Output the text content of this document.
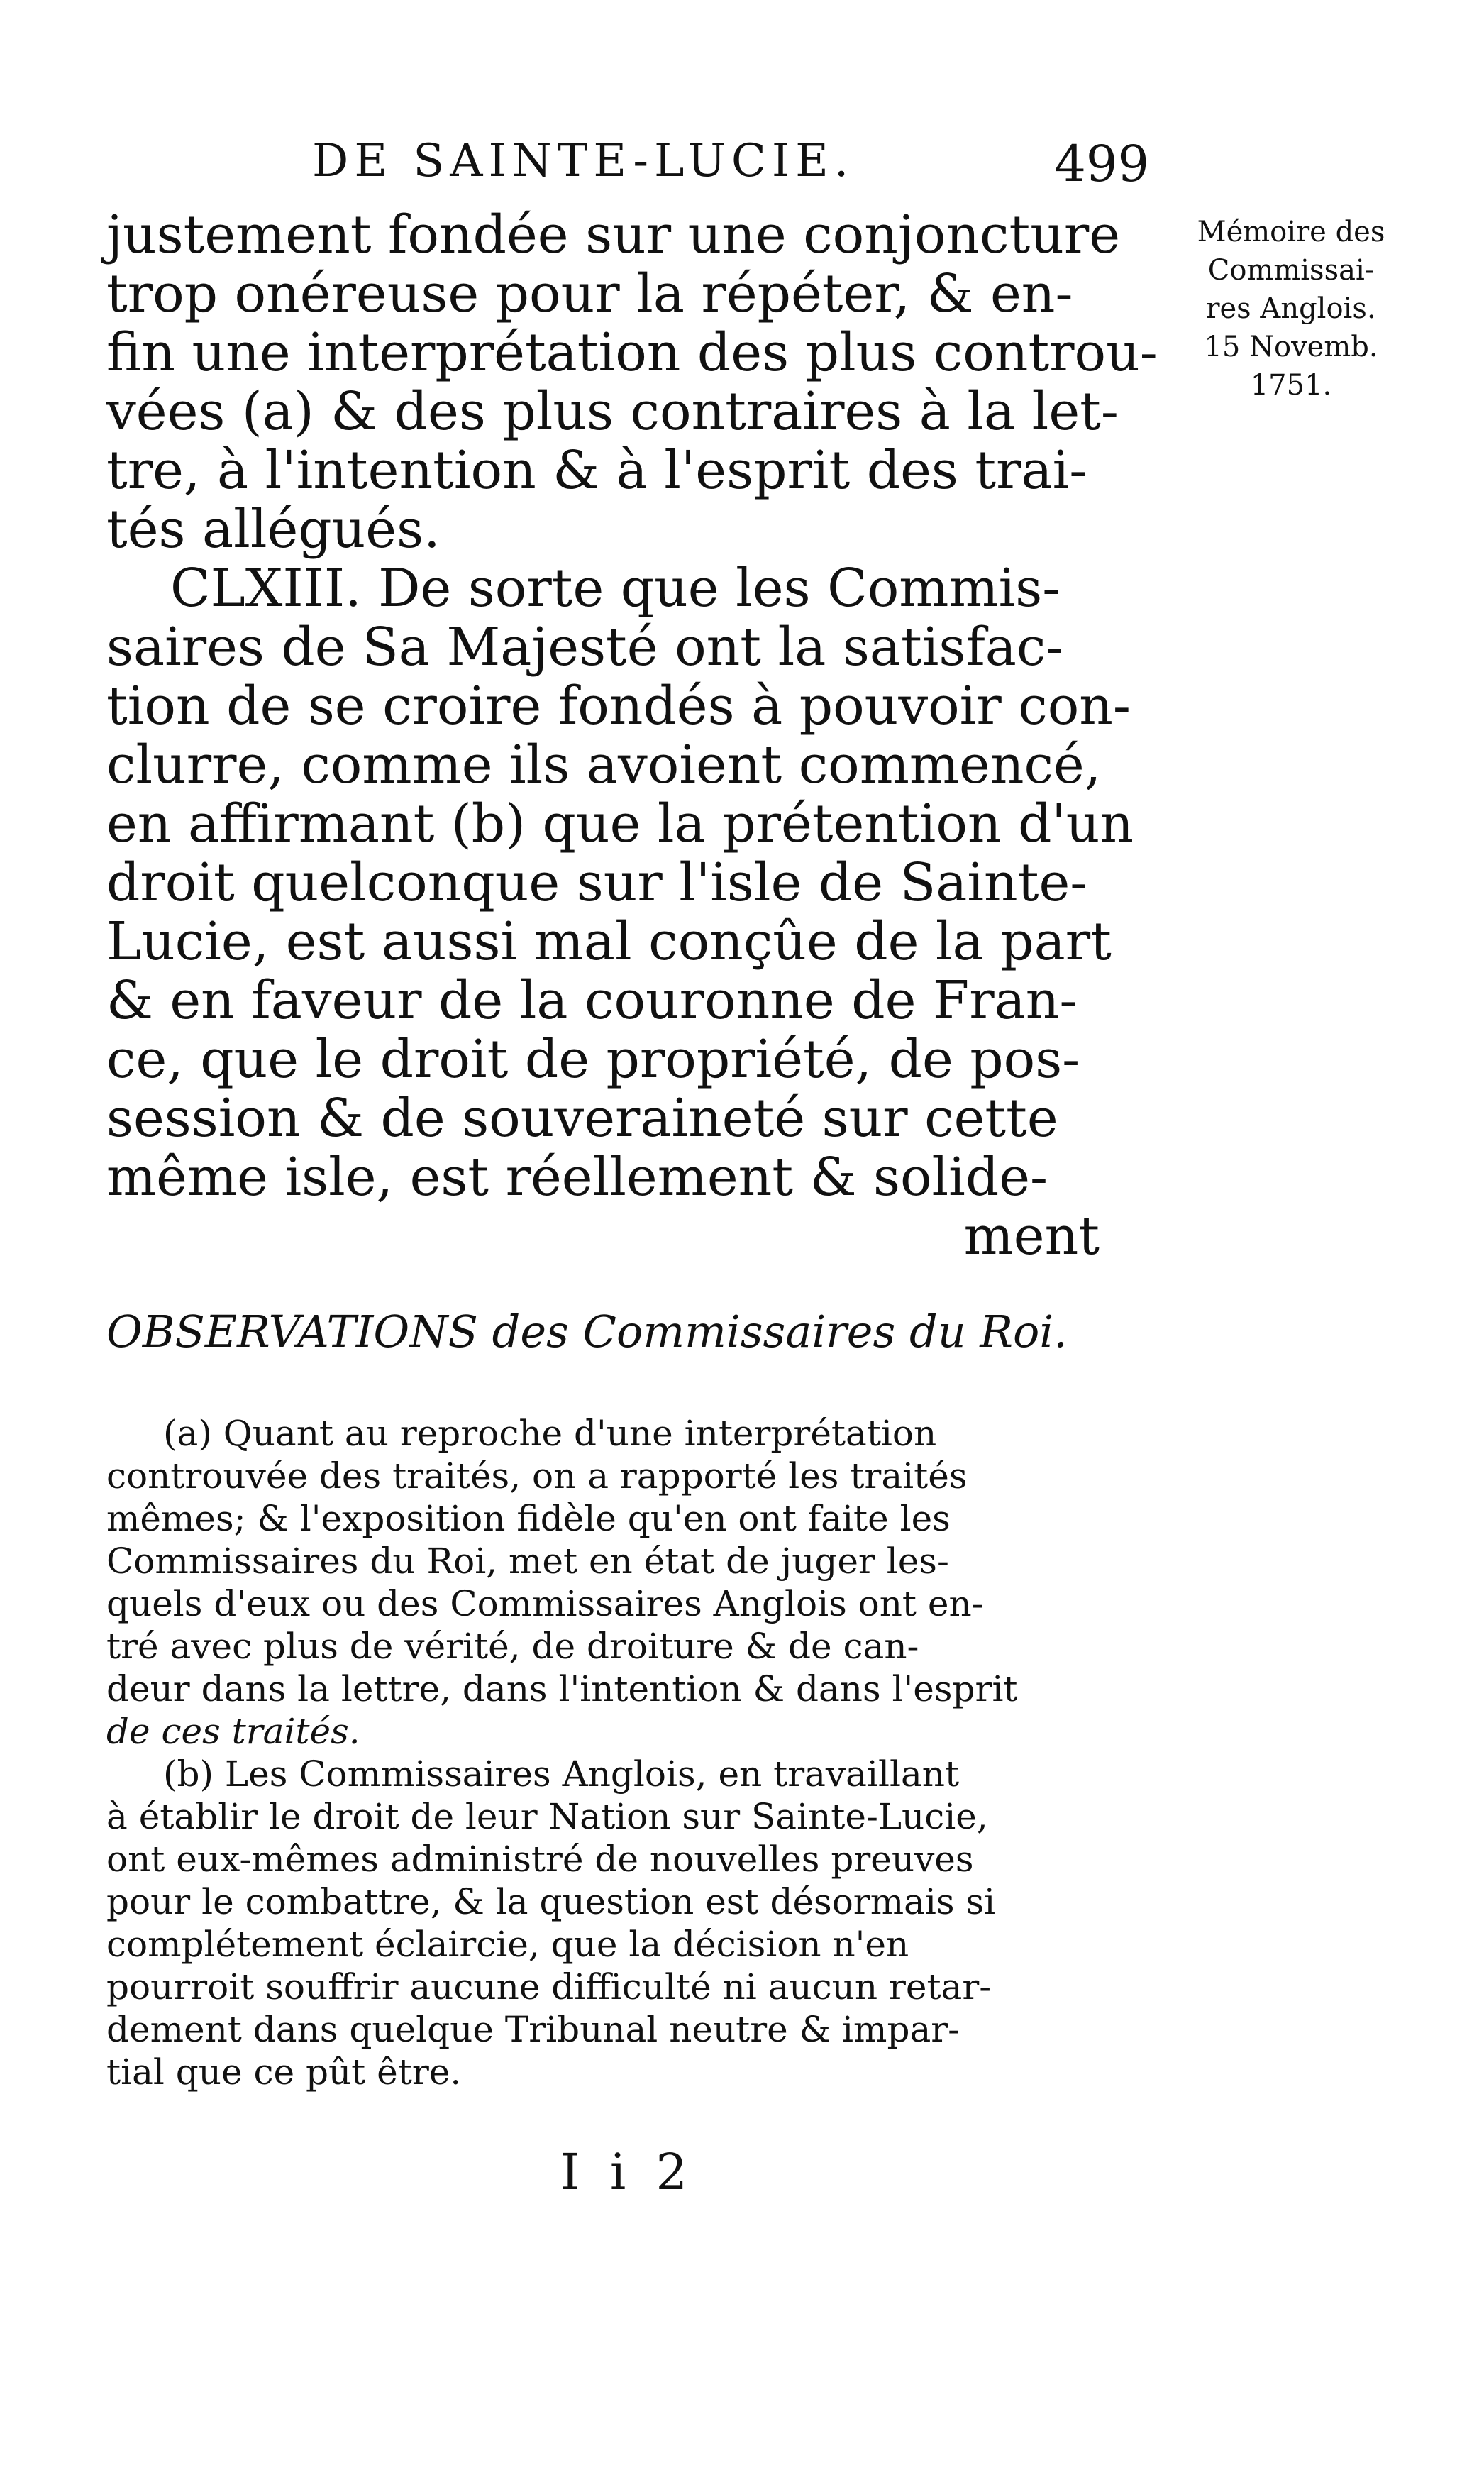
DE SAINTE-LUCIE.	499
justement fondée sur une conjoncture
trop onéreuse pour la répéter, & en-
fin une interprétation des plus controu-
vées (a) & des plus contraires à la let-
tre, à l'intention & à l'esprit des trai-
tés allégués.
CLXIII. De sorte que les Commis-
saires de Sa Majesté ont la satisfac-
tion de se croire fondés à pouvoir con-
clurre, comme ils avoient commencé,
en affirmant (b) que la prétention d'un
droit quelconque sur l'isle de Sainte-
Lucie, est aussi mal conçûe de la part
& en faveur de la couronne de Fran-
ce, que le droit de propriété, de pos-
session & de souveraineté sur cette
même isle, est réellement & solide-
ment
Mémoire des
Commissai-
res Anglois.
15 Novemb.
1751.
OBSERVATIONS des Commissaires du Roi.
(a) Quant au reproche d'une interprétation
controuvée des traités, on a rapporté les traités
mêmes; & l'exposition fidèle qu'en ont faite les
Commissaires du Roi, met en état de juger les-
quels d'eux ou des Commissaires Anglois ont en-
tré avec plus de vérité, de droiture & de can-
deur dans la lettre, dans l'intention & dans l'esprit
de ces traités.
(b) Les Commissaires Anglois, en travaillant
à établir le droit de leur Nation sur Sainte-Lucie,
ont eux-mêmes administré de nouvelles preuves
pour le combattre, & la question est désormais si
complétement éclaircie, que la décision n'en
pourroit souffrir aucune difficulté ni aucun retar-
dement dans quelque Tribunal neutre & impar-
tial que ce pût être.
I i 2
